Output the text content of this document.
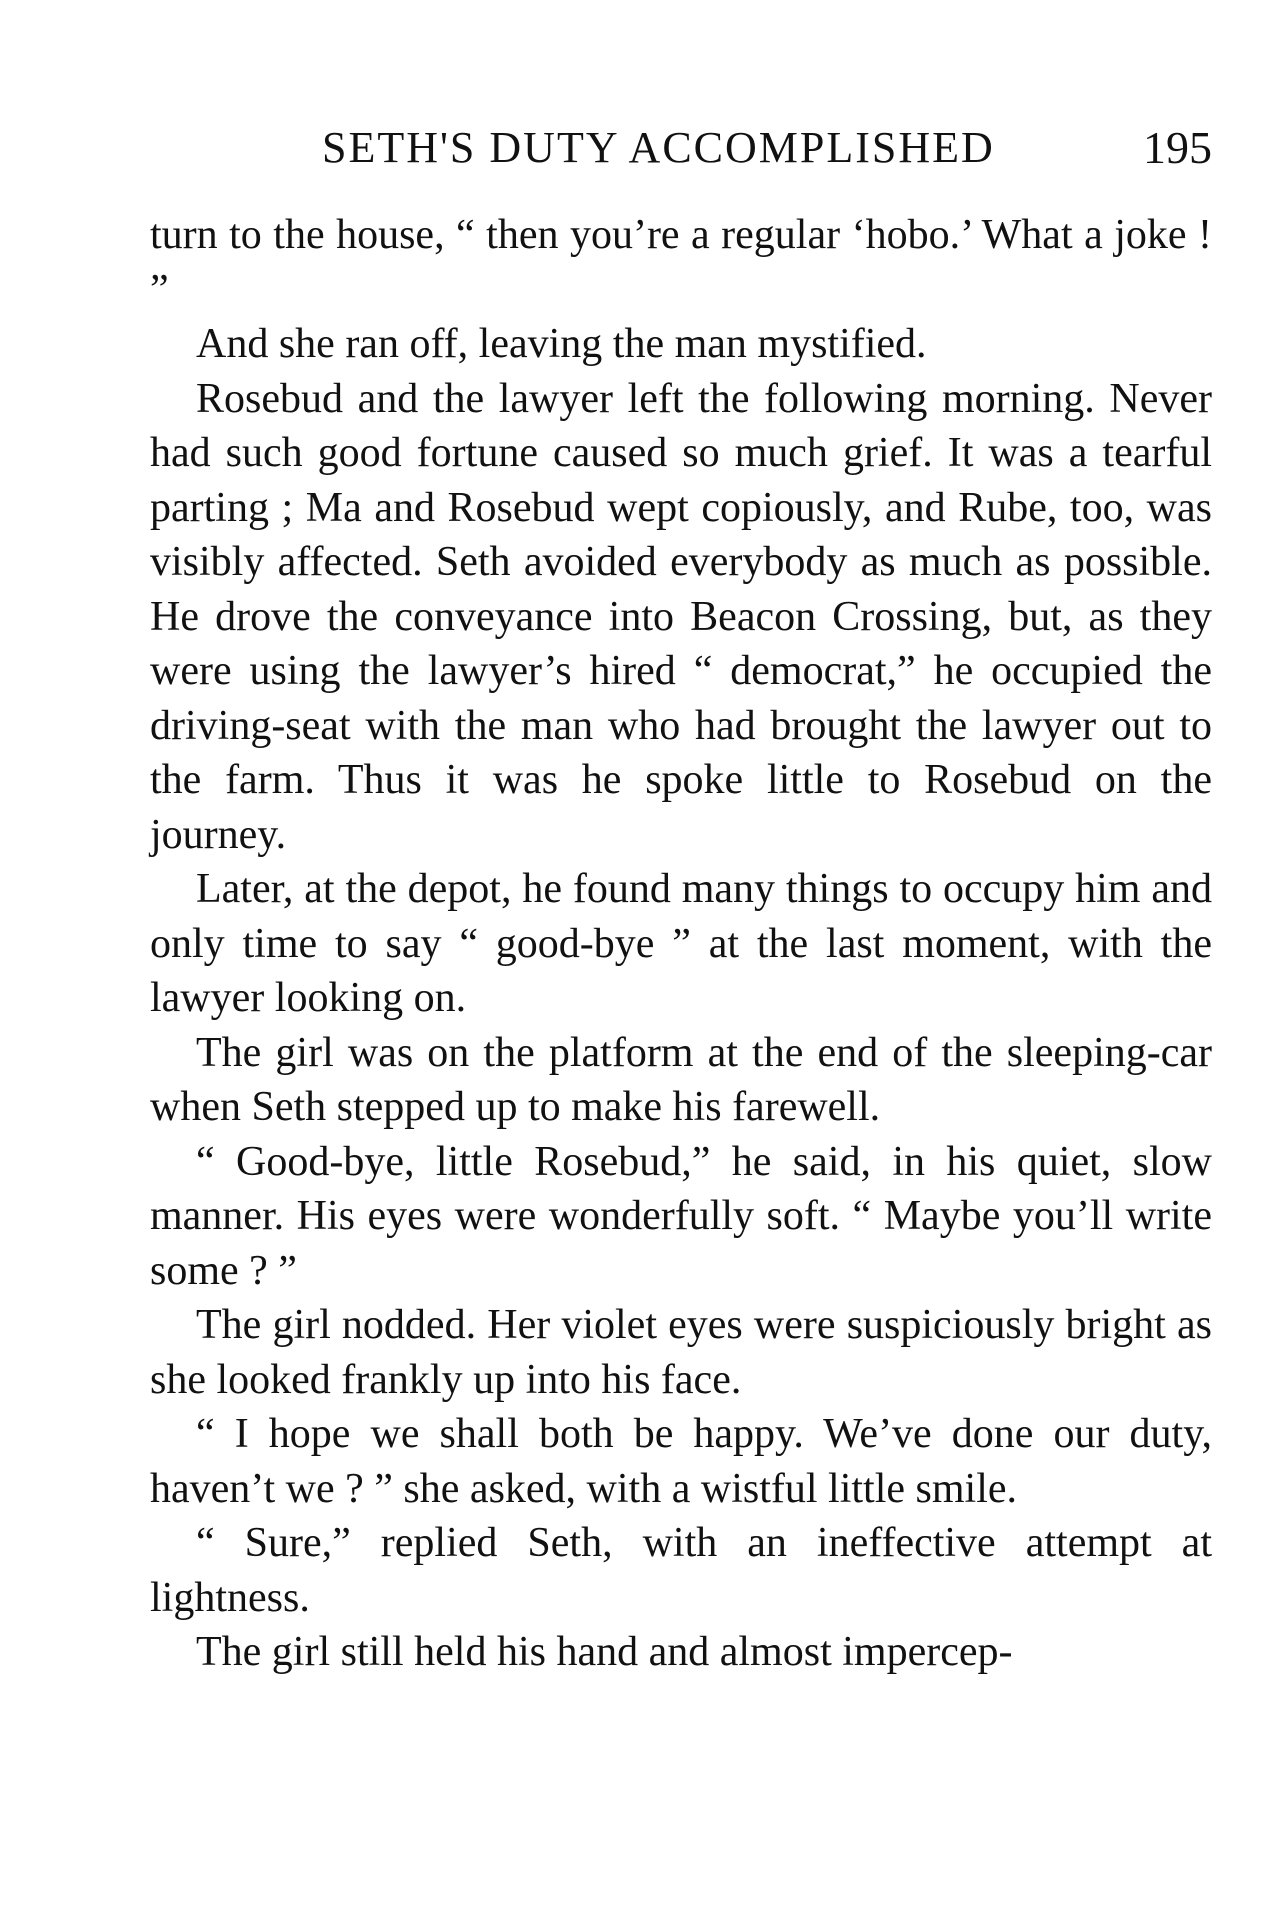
SETH'S DUTY ACCOMPLISHED	195

turn to the house, “ then you’re a regular ‘hobo.’ What a joke ! ”

And she ran off, leaving the man mystified.

Rosebud and the lawyer left the following morning. Never had such good fortune caused so much grief. It was a tearful parting ; Ma and Rosebud wept copiously, and Rube, too, was visibly affected. Seth avoided everybody as much as possible. He drove the conveyance into Beacon Crossing, but, as they were using the lawyer’s hired “ democrat,” he occupied the driving-seat with the man who had brought the lawyer out to the farm. Thus it was he spoke little to Rosebud on the journey.

Later, at the depot, he found many things to occupy him and only time to say “ good-bye ” at the last moment, with the lawyer looking on.

The girl was on the platform at the end of the sleeping-car when Seth stepped up to make his farewell.

“ Good-bye, little Rosebud,” he said, in his quiet, slow manner. His eyes were wonderfully soft. “ Maybe you’ll write some ? ”

The girl nodded. Her violet eyes were suspiciously bright as she looked frankly up into his face.

“ I hope we shall both be happy. We’ve done our duty, haven’t we ? ” she asked, with a wistful little smile.

“ Sure,” replied Seth, with an ineffective attempt at lightness.

The girl still held his hand and almost impercep-
